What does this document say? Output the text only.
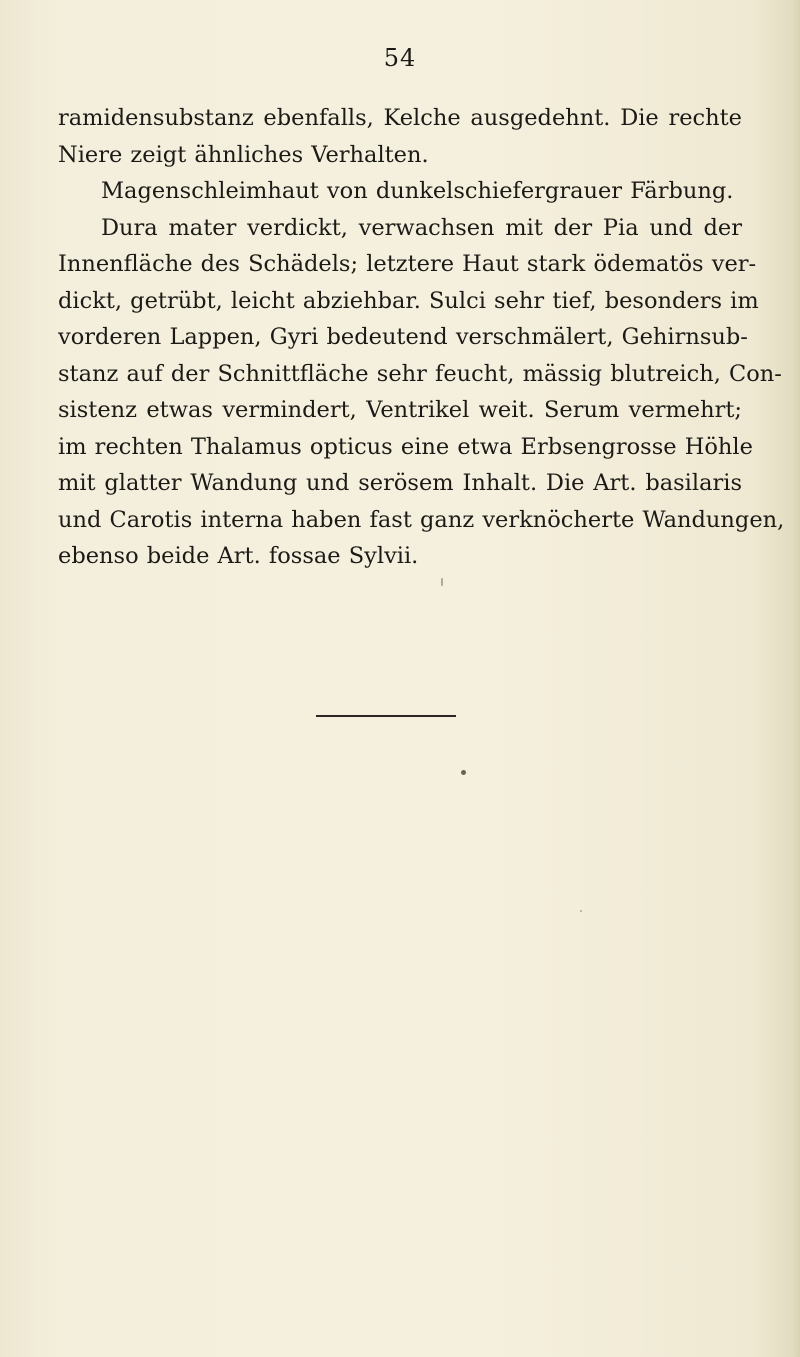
54
ramidensubstanz ebenfalls, Kelche ausgedehnt. Die rechte
Niere zeigt ähnliches Verhalten.
Magenschleimhaut von dunkelschiefergrauer Färbung.
Dura mater verdickt, verwachsen mit der Pia und der
Innenfläche des Schädels; letztere Haut stark ödematös ver-
dickt, getrübt, leicht abziehbar. Sulci sehr tief, besonders im
vorderen Lappen, Gyri bedeutend verschmälert, Gehirnsub-
stanz auf der Schnittfläche sehr feucht, mässig blutreich, Con-
sistenz etwas vermindert, Ventrikel weit. Serum vermehrt;
im rechten Thalamus opticus eine etwa Erbsengrosse Höhle
mit glatter Wandung und serösem Inhalt. Die Art. basilaris
und Carotis interna haben fast ganz verknöcherte Wandungen,
ebenso beide Art. fossae Sylvii.
